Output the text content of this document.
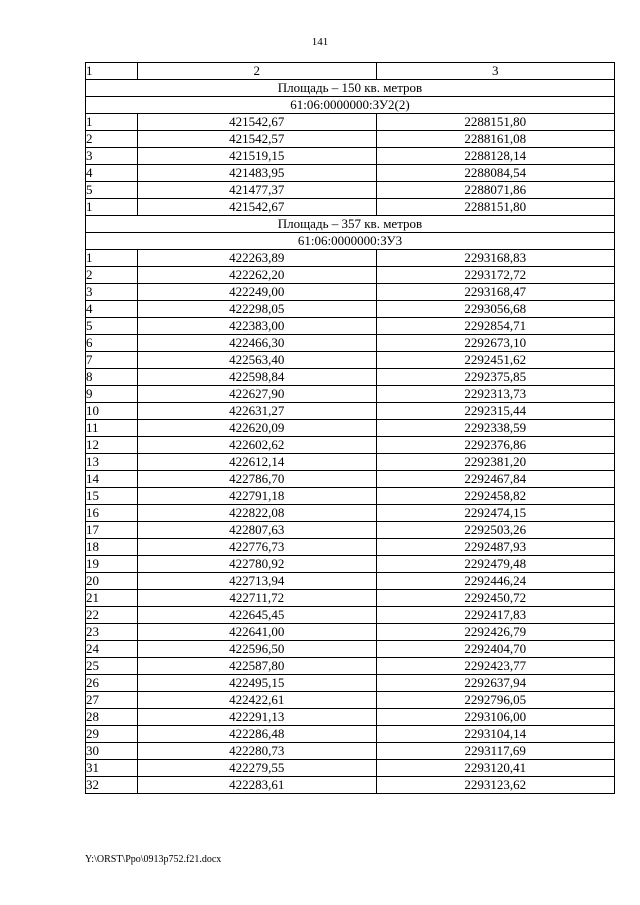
141
1	2	3
Площадь – 150 кв. метров		
61:06:0000000:ЗУ2(2)		
1	421542,67	2288151,80
2	421542,57	2288161,08
3	421519,15	2288128,14
4	421483,95	2288084,54
5	421477,37	2288071,86
1	421542,67	2288151,80
Площадь – 357 кв. метров		
61:06:0000000:ЗУ3		
1	422263,89	2293168,83
2	422262,20	2293172,72
3	422249,00	2293168,47
4	422298,05	2293056,68
5	422383,00	2292854,71
6	422466,30	2292673,10
7	422563,40	2292451,62
8	422598,84	2292375,85
9	422627,90	2292313,73
10	422631,27	2292315,44
11	422620,09	2292338,59
12	422602,62	2292376,86
13	422612,14	2292381,20
14	422786,70	2292467,84
15	422791,18	2292458,82
16	422822,08	2292474,15
17	422807,63	2292503,26
18	422776,73	2292487,93
19	422780,92	2292479,48
20	422713,94	2292446,24
21	422711,72	2292450,72
22	422645,45	2292417,83
23	422641,00	2292426,79
24	422596,50	2292404,70
25	422587,80	2292423,77
26	422495,15	2292637,94
27	422422,61	2292796,05
28	422291,13	2293106,00
29	422286,48	2293104,14
30	422280,73	2293117,69
31	422279,55	2293120,41
32	422283,61	2293123,62
Y:\ORST\Ppo\0913p752.f21.docx
